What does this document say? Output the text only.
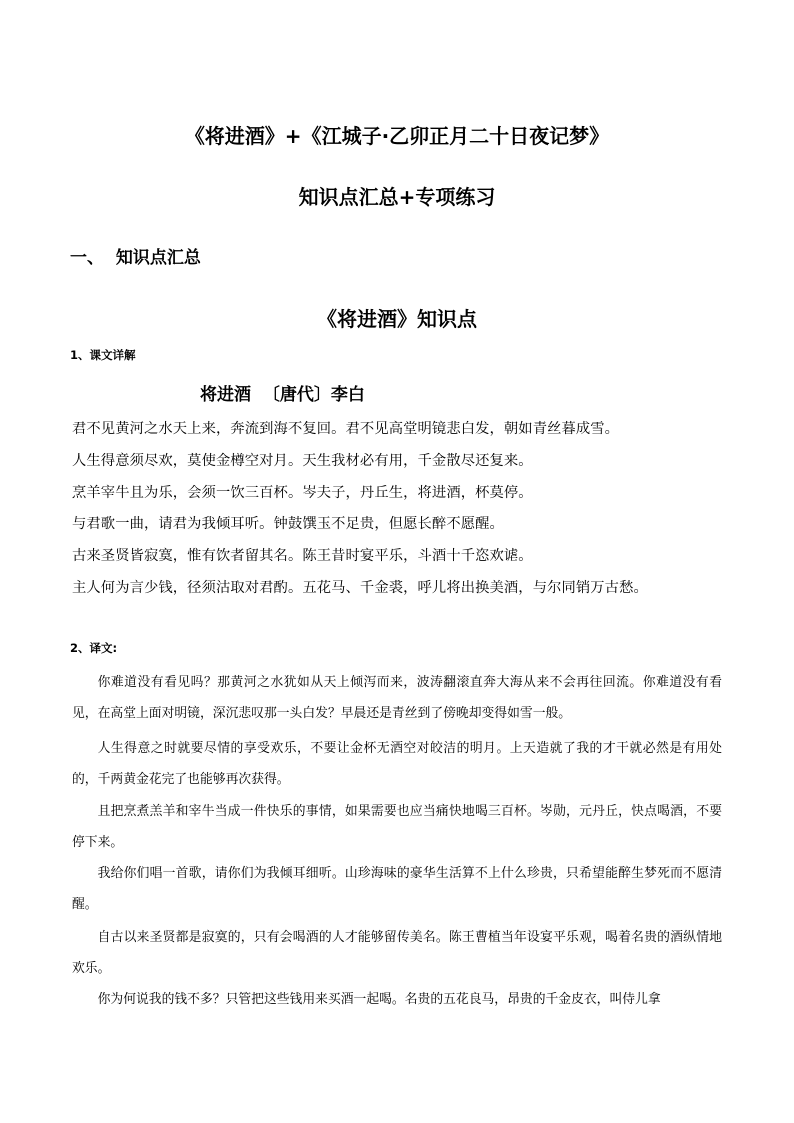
《将进酒》+《江城子·乙卯正月二十日夜记梦》
知识点汇总+专项练习
一、  知识点汇总
《将进酒》知识点
1、课文详解
将进酒  〔唐代〕李白
君不见黄河之水天上来，奔流到海不复回。君不见高堂明镜悲白发，朝如青丝暮成雪。
人生得意须尽欢，莫使金樽空对月。天生我材必有用，千金散尽还复来。
烹羊宰牛且为乐，会须一饮三百杯。岑夫子，丹丘生，将进酒，杯莫停。
与君歌一曲，请君为我倾耳听。钟鼓馔玉不足贵，但愿长醉不愿醒。
古来圣贤皆寂寞，惟有饮者留其名。陈王昔时宴平乐，斗酒十千恣欢谑。
主人何为言少钱，径须沽取对君酌。五花马、千金裘，呼儿将出换美酒，与尔同销万古愁。
2、译文:
你难道没有看见吗？那黄河之水犹如从天上倾泻而来，波涛翻滚直奔大海从来不会再往回流。你难道没有看见，在高堂上面对明镜，深沉悲叹那一头白发？早晨还是青丝到了傍晚却变得如雪一般。
人生得意之时就要尽情的享受欢乐，不要让金杯无酒空对皎洁的明月。上天造就了我的才干就必然是有用处的，千两黄金花完了也能够再次获得。
且把烹煮羔羊和宰牛当成一件快乐的事情，如果需要也应当痛快地喝三百杯。岑勋，元丹丘，快点喝酒，不要停下来。
我给你们唱一首歌，请你们为我倾耳细听。山珍海味的豪华生活算不上什么珍贵，只希望能醉生梦死而不愿清醒。
自古以来圣贤都是寂寞的，只有会喝酒的人才能够留传美名。陈王曹植当年设宴平乐观，喝着名贵的酒纵情地欢乐。
你为何说我的钱不多？只管把这些钱用来买酒一起喝。名贵的五花良马，昂贵的千金皮衣，叫侍儿拿
